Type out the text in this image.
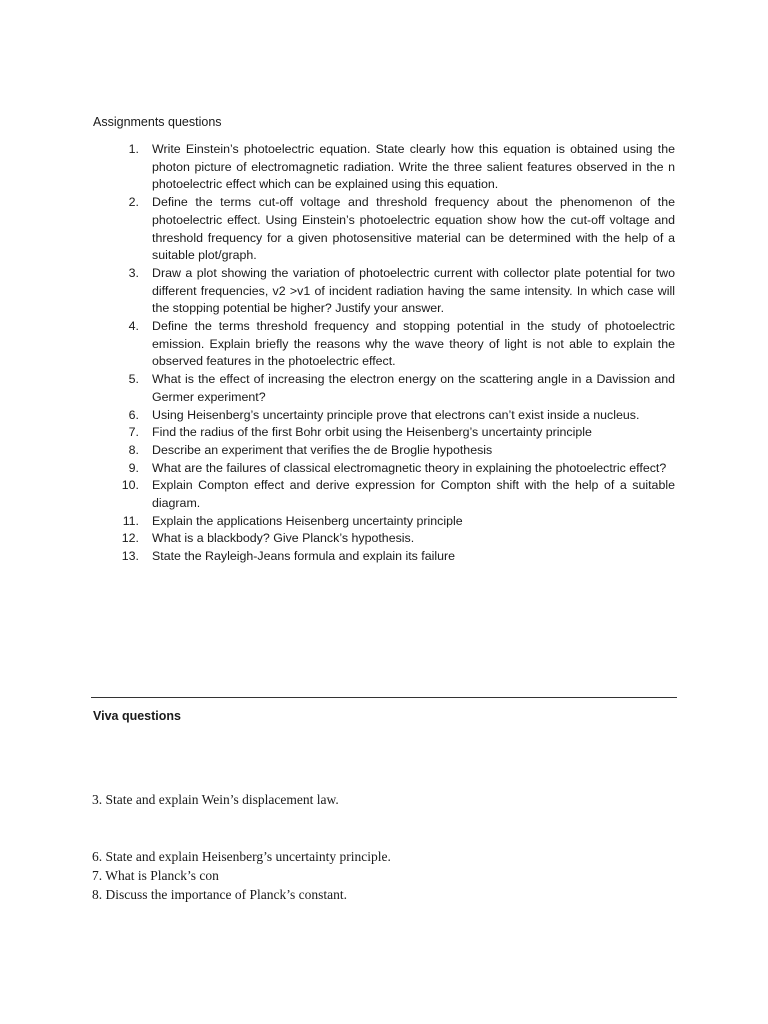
Assignments questions
1.	Write Einstein’s photoelectric equation. State clearly how this equation is obtained using the photon picture of electromagnetic radiation. Write the three salient features observed in the n photoelectric effect which can be explained using this equation.
2.	Define the terms cut-off voltage and threshold frequency about the phenomenon of the photoelectric effect. Using Einstein’s photoelectric equation show how the cut-off voltage and threshold frequency for a given photosensitive material can be determined with the help of a suitable plot/graph.
3.	Draw a plot showing the variation of photoelectric current with collector plate potential for two different frequencies, v2 >v1 of incident radiation having the same intensity. In which case will the stopping potential be higher? Justify your answer.
4.	Define the terms threshold frequency and stopping potential in the study of photoelectric emission. Explain briefly the reasons why the wave theory of light is not able to explain the observed features in the photoelectric effect.
5.	What is the effect of increasing the electron energy on the scattering angle in a Davission and Germer experiment?
6.	Using Heisenberg’s uncertainty principle prove that electrons can’t exist inside a nucleus.
7.	Find the radius of the first Bohr orbit using the Heisenberg’s uncertainty principle
8.	Describe an experiment that verifies the de Broglie hypothesis
9.	What are the failures of classical electromagnetic theory in explaining the photoelectric effect?
10.	Explain Compton effect and derive expression for Compton shift with the help of a suitable diagram.
11.	Explain the applications Heisenberg uncertainty principle
12.	What is a blackbody? Give Planck’s hypothesis.
13.	State the Rayleigh-Jeans formula and explain its failure
Viva questions
3. State and explain Wein’s displacement law.
6. State and explain Heisenberg’s uncertainty principle.
7. What is Planck’s con
8. Discuss the importance of Planck’s constant.
